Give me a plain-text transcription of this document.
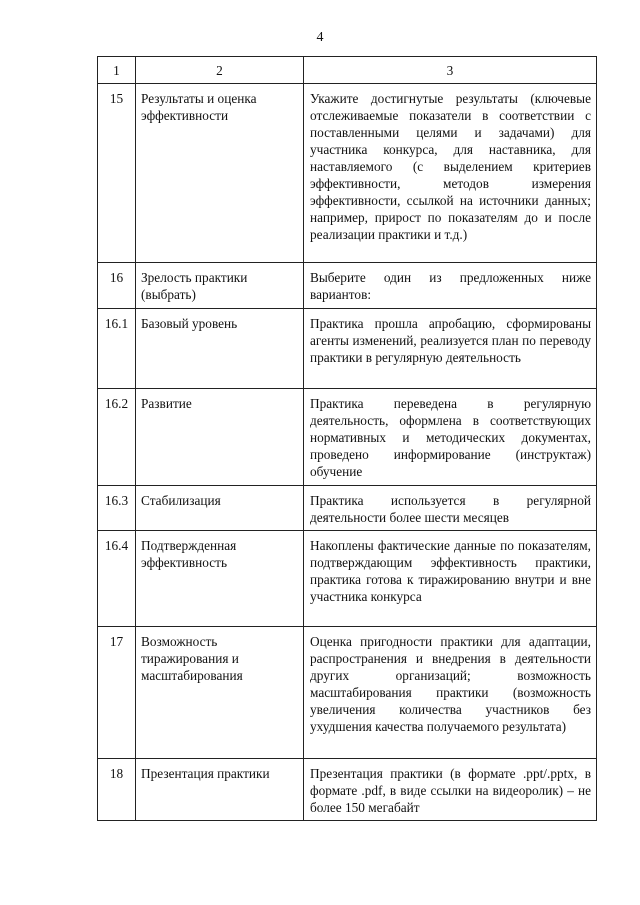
4
1	2	3
15	Результаты и оценка эффективности	Укажите достигнутые результаты (ключевые отслеживаемые показатели в соответствии с поставленными целями и задачами) для участника конкурса, для наставника, для наставляемого (с выделением критериев эффективности, методов измерения эффективности, ссылкой на источники данных; например, прирост по показателям до и после реализации практики и т.д.)
16	Зрелость практики (выбрать)	Выберите один из предложенных ниже вариантов:
16.1	Базовый уровень	Практика прошла апробацию, сформированы агенты изменений, реализуется план по переводу практики в регулярную деятельность
16.2	Развитие	Практика переведена в регулярную деятельность, оформлена в соответствующих нормативных и методических документах, проведено информирование (инструктаж) обучение
16.3	Стабилизация	Практика используется в регулярной деятельности более шести месяцев
16.4	Подтвержденная эффективность	Накоплены фактические данные по показателям, подтверждающим эффективность практики, практика готова к тиражированию внутри и вне участника конкурса
17	Возможность тиражирования и масштабирования	Оценка пригодности практики для адаптации, распространения и внедрения в деятельности других организаций; возможность масштабирования практики (возможность увеличения количества участников без ухудшения качества получаемого результата)
18	Презентация практики	Презентация практики (в формате .ppt/.pptx, в формате .pdf, в виде ссылки на видеоролик) – не более 150 мегабайт
